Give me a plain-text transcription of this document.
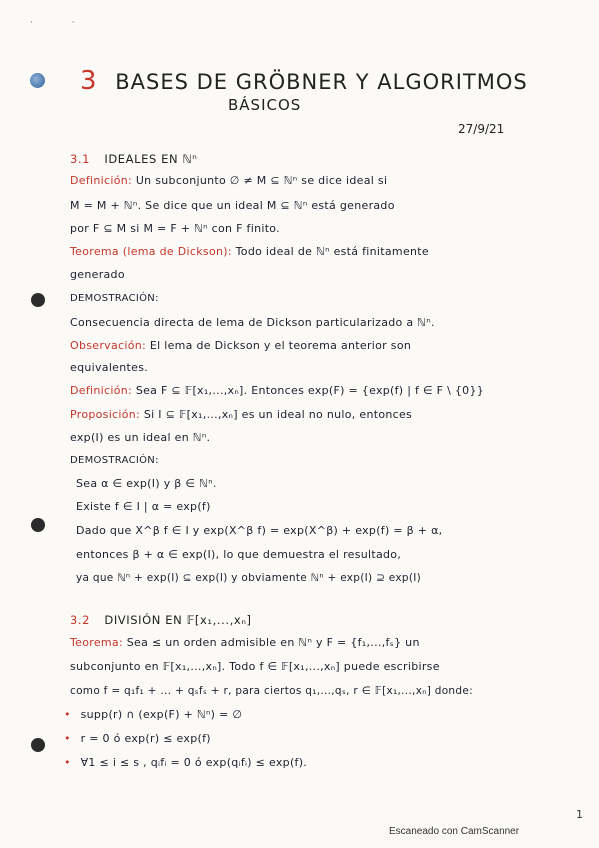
· ·
3 BASES DE GRÖBNER Y ALGORITMOS
BÁSICOS
27/9/21
3.1 IDEALES EN ℕⁿ
Definición: Un subconjunto ∅ ≠ M ⊆ ℕⁿ se dice ideal si
M = M + ℕⁿ. Se dice que un ideal M ⊆ ℕⁿ está generado
por F ⊆ M si M = F + ℕⁿ con F finito.
Teorema (lema de Dickson): Todo ideal de ℕⁿ está finitamente
generado
DEMOSTRACIÓN:
Consecuencia directa de lema de Dickson particularizado a ℕⁿ.
Observación: El lema de Dickson y el teorema anterior son
equivalentes.
Definición: Sea F ⊆ 𝔽[x₁,...,xₙ]. Entonces exp(F) = {exp(f) | f ∈ F \ {0}}
Proposición: Si I ⊆ 𝔽[x₁,...,xₙ] es un ideal no nulo, entonces
exp(I) es un ideal en ℕⁿ.
DEMOSTRACIÓN:
Sea α ∈ exp(I) y β ∈ ℕⁿ.
Existe f ∈ I | α = exp(f)
Dado que X^β f ∈ I y exp(X^β f) = exp(X^β) + exp(f) = β + α,
entonces β + α ∈ exp(I), lo que demuestra el resultado,
ya que ℕⁿ + exp(I) ⊆ exp(I) y obviamente ℕⁿ + exp(I) ⊇ exp(I)
3.2 DIVISIÓN EN 𝔽[x₁,...,xₙ]
Teorema: Sea ≤ un orden admisible en ℕⁿ y F = {f₁,...,fₛ} un
subconjunto en 𝔽[x₁,...,xₙ]. Todo f ∈ 𝔽[x₁,...,xₙ] puede escribirse
como f = q₁f₁ + ... + qₛfₛ + r, para ciertos q₁,...,qₛ, r ∈ 𝔽[x₁,...,xₙ] donde:
• supp(r) ∩ (exp(F) + ℕⁿ) = ∅
• r = 0 ó exp(r) ≤ exp(f)
• ∀1 ≤ i ≤ s , qᵢfᵢ = 0 ó exp(qᵢfᵢ) ≤ exp(f).
1
Escaneado con CamScanner
